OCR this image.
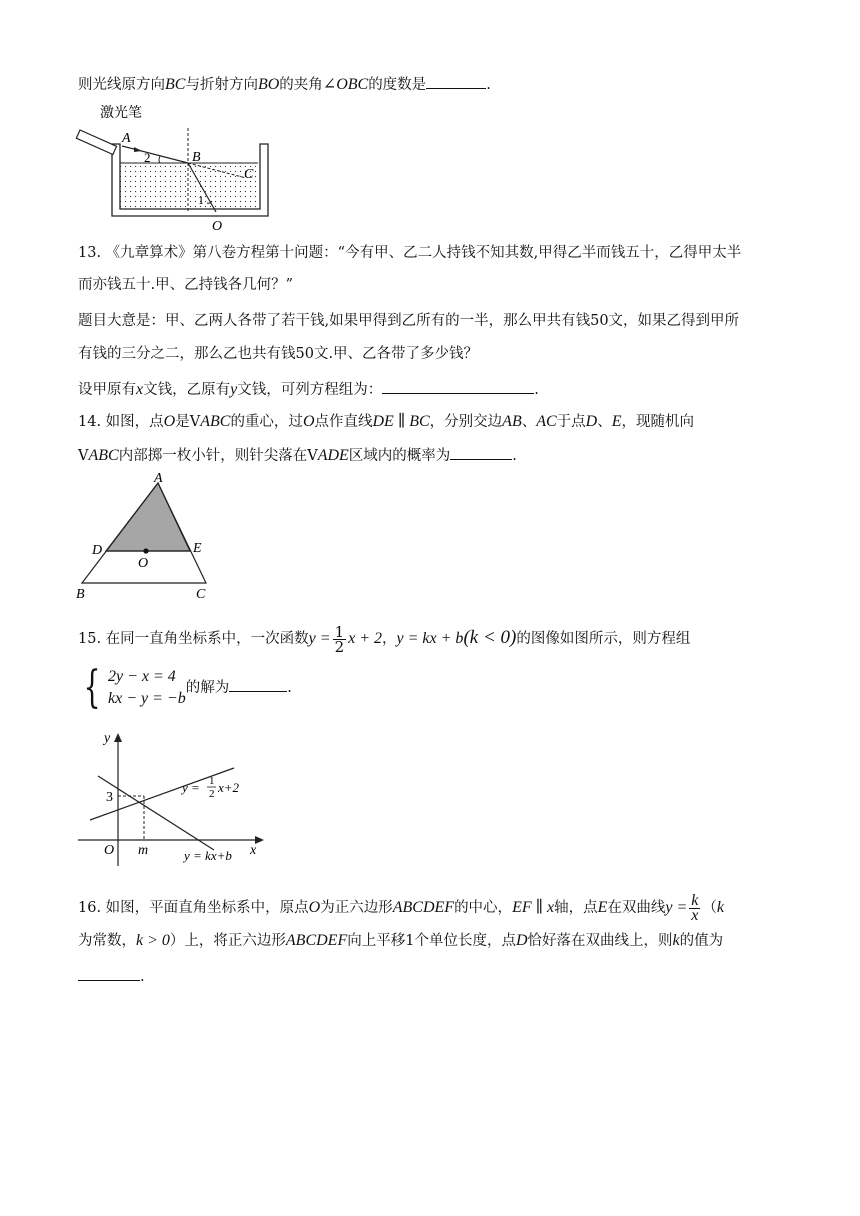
则光线原方向BC与折射方向BO的夹角∠OBC的度数是	.
激光笔
A
B
C
O
2
1
13. 《九章算术》第八卷方程第十问题：“今有甲、乙二人持钱不知其数,甲得乙半而钱五十，乙得甲太半
而亦钱五十.甲、乙持钱各几何？”
题目大意是：甲、乙两人各带了若干钱,如果甲得到乙所有的一半，那么甲共有钱50文，如果乙得到甲所
有钱的三分之二，那么乙也共有钱50文.甲、乙各带了多少钱？
设甲原有x文钱，乙原有y文钱，可列方程组为：	.
14. 如图，点O是VABC的重心，过O点作直线DE ∥ BC，分别交边AB、AC于点D、E，现随机向
VABC内部掷一枚小针，则针尖落在VADE区域内的概率为	.
A
D	E
O
B	C
15. 在同一直角坐标系中，一次函数$y = \frac{1}{2}$ x + 2，y = kx + b(k < 0)的图像如图所示，则方程组
{ 2y − x = 4
kx − y = −b
的解为	.
y
x
O m
3
y = 1
2 x+2
y = kx+b
16. 如图，平面直角坐标系中，原点O为正六边形ABCDEF的中心，EF ∥ x轴，点E在双曲线$y = \frac{k}{x} (k$
为常数，k > 0）上，将正六边形ABCDEF向上平移1个单位长度，点D恰好落在双曲线上，则k的值为
.
